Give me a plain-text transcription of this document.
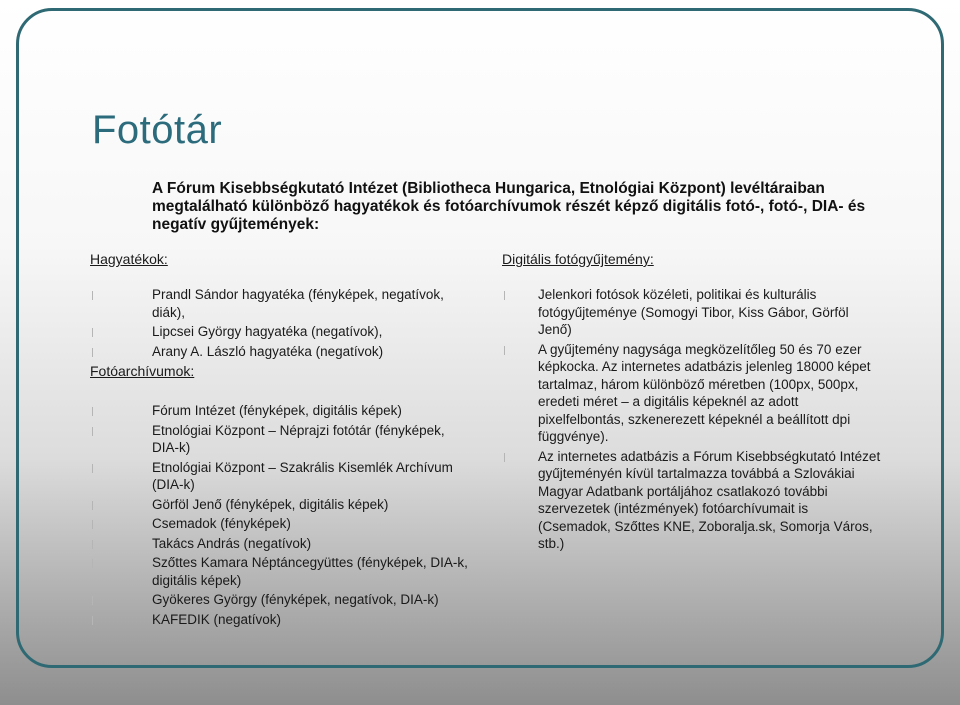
Fotótár

A Fórum Kisebbségkutató Intézet (Bibliotheca Hungarica, Etnológiai Központ) levéltáraiban megtalálható különböző hagyatékok és fotóarchívumok részét képző digitális fotó-, fotó-, DIA- és negatív gyűjtemények:

Hagyatékok:
Prandl Sándor hagyatéka (fényképek, negatívok, diák),
Lipcsei György hagyatéka (negatívok),
Arany A. László hagyatéka (negatívok)
Fotóarchívumok:
Fórum Intézet (fényképek, digitális képek)
Etnológiai Központ – Néprajzi fotótár (fényképek, DIA-k)
Etnológiai Központ – Szakrális Kisemlék Archívum (DIA-k)
Görföl Jenő (fényképek, digitális képek)
Csemadok (fényképek)
Takács András (negatívok)
Szőttes Kamara Néptáncegyüttes (fényképek, DIA-k, digitális képek)
Gyökeres György (fényképek, negatívok, DIA-k)
KAFEDIK (negatívok)
Digitális fotógyűjtemény:
Jelenkori fotósok közéleti, politikai és kulturális fotógyűjteménye (Somogyi Tibor, Kiss Gábor, Görföl Jenő)
A gyűjtemény nagysága megközelítőleg 50 és 70 ezer képkocka. Az internetes adatbázis jelenleg 18000 képet tartalmaz, három különböző méretben (100px, 500px, eredeti méret – a digitális képeknél az adott pixelfelbontás, szkenerezett képeknél a beállított dpi függvénye).
Az internetes adatbázis a Fórum Kisebbségkutató Intézet gyűjteményén kívül tartalmazza továbbá a Szlovákiai Magyar Adatbank portáljához csatlakozó további szervezetek (intézmények) fotóarchívumait is (Csemadok, Szőttes KNE, Zoboralja.sk, Somorja Város, stb.)
